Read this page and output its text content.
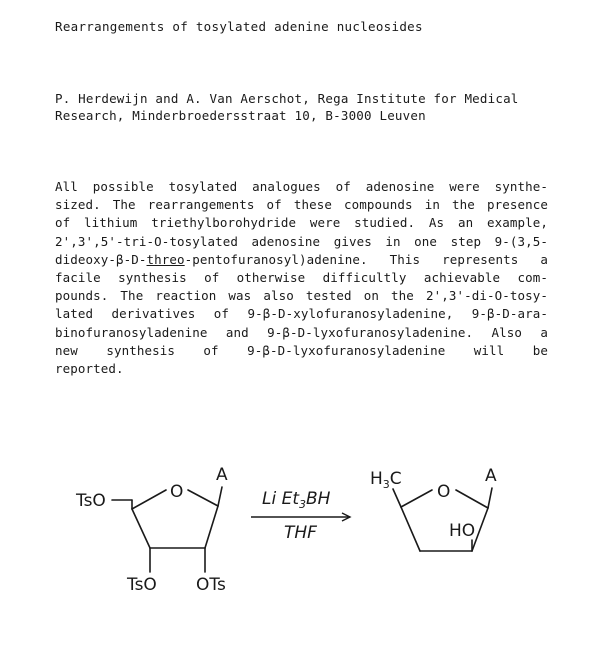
Rearrangements of tosylated adenine nucleosides
P. Herdewijn and A. Van Aerschot, Rega Institute for Medical
Research, Minderbroedersstraat 10, B-3000 Leuven
All possible tosylated analogues of adenosine were synthe-
sized. The rearrangements of these compounds in the presence
of lithium triethylborohydride were studied. As an example,
2',3',5'-tri-O-tosylated adenosine gives in one step 9-(3,5-
dideoxy-β-D-threo-pentofuranosyl)adenine. This represents a
facile synthesis of otherwise difficultly achievable com-
pounds. The reaction was also tested on the 2',3'-di-O-tosy-
lated derivatives of 9-β-D-xylofuranosyladenine, 9-β-D-ara-
binofuranosyladenine and 9-β-D-lyxofuranosyladenine. Also a
new synthesis of 9-β-D-lyxofuranosyladenine will be
reported.
O
A
TsO
TsO OTs
Li $Et_3BH$
THF
$H_3C$
O
A
HO
